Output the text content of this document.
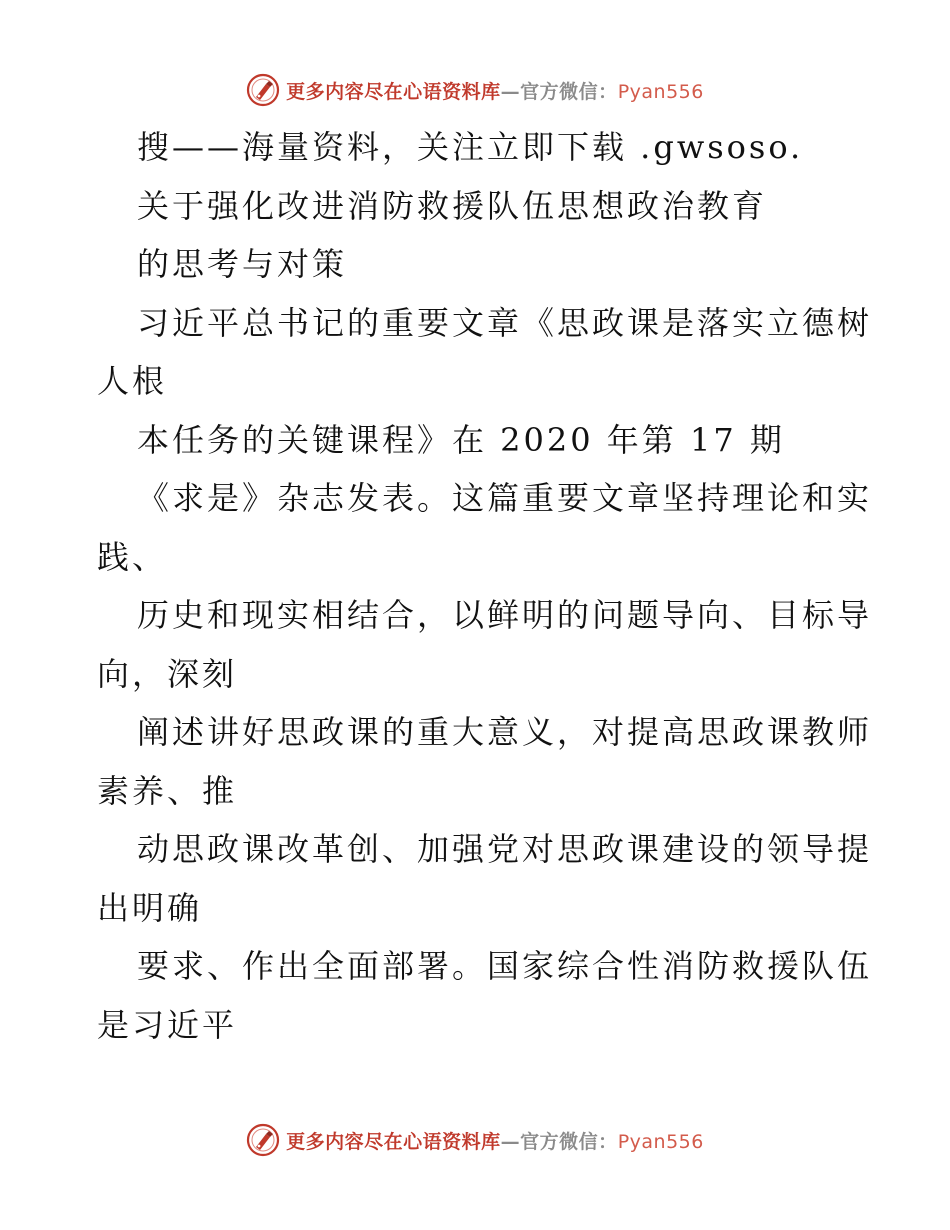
更多内容尽在心语资料库—官方微信：Pyan556
搜——海量资料，关注立即下载 .gwsoso.
关于强化改进消防救援队伍思想政治教育
的思考与对策
习近平总书记的重要文章《思政课是落实立德树
人根
本任务的关键课程》在 2020 年第 17 期
《求是》杂志发表。这篇重要文章坚持理论和实
践、
历史和现实相结合，以鲜明的问题导向、目标导
向，深刻
阐述讲好思政课的重大意义，对提高思政课教师
素养、推
动思政课改革创、加强党对思政课建设的领导提
出明确
要求、作出全面部署。国家综合性消防救援队伍
是习近平
更多内容尽在心语资料库—官方微信：Pyan556
